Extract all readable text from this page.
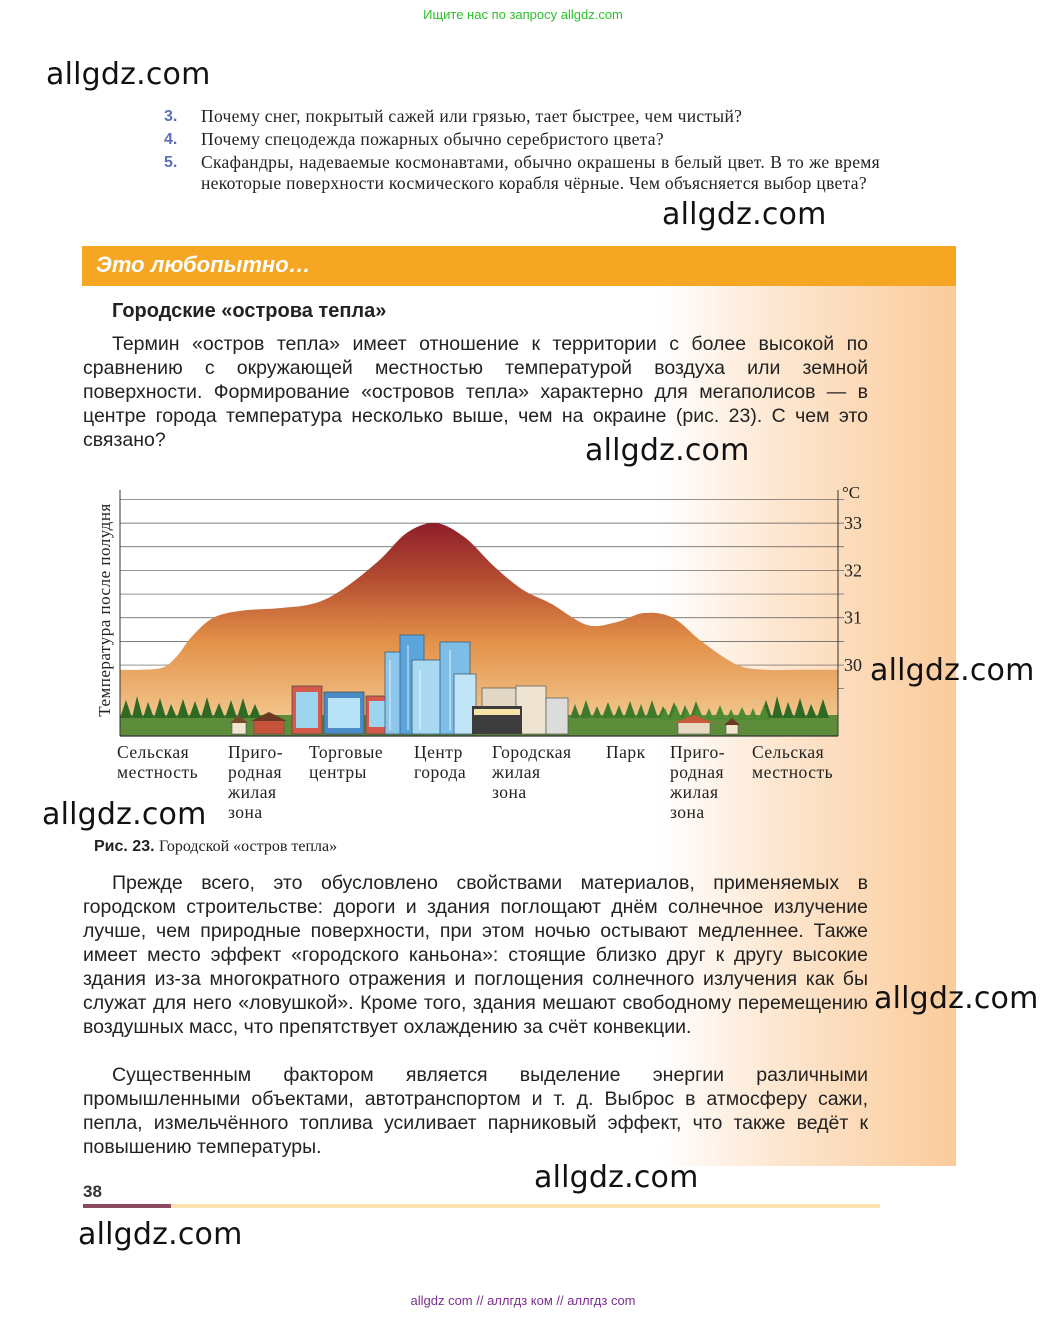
Ищите нас по запросу allgdz.com
allgdz.com
3.	Почему снег, покрытый сажей или грязью, тает быстрее, чем чистый?
4.	Почему спецодежда пожарных обычно серебристого цвета?
5.	Скафандры, надеваемые космонавтами, обычно окрашены в белый цвет. В то же время некоторые поверхности космического корабля чёрные. Чем объясняется выбор цвета?
allgdz.com
Это любопытно…
Городские «острова тепла»
Термин «остров тепла» имеет отношение к территории с более высокой по сравнению с окружающей местностью температурой воздуха или земной поверхности. Формирование «островов тепла» характерно для мегаполисов — в центре города температура несколько выше, чем на окраине (рис. 23). С чем это связано?	allgdz.com
30
31
32
33
°C
Температура после полудня
Сельская
местность
Приго-
родная
жилая
зона
Торговые
центры
Центр
города
Городская
жилая
зона
Парк Приго-
родная
жилая
зона
Сельская
местность
allgdz.com
allgdz.com
Рис. 23. Городской «остров тепла»
Прежде всего, это обусловлено свойствами материалов, применяемых в городском строительстве: дороги и здания поглощают днём солнечное излучение лучше, чем природные поверхности, при этом ночью остывают медленнее. Также имеет место эффект «городского каньона»: стоящие близко друг к другу высокие здания из-за многократного отражения и поглощения солнечного излучения как бы служат для него «ловушкой». Кроме того, здания мешают свободному перемещению воздушных масс, что препятствует охлаждению за счёт конвекции.
Существенным фактором является выделение энергии различными промышленными объектами, автотранспортом и т. д. Выброс в атмосферу сажи, пепла, измельчённого топлива усиливает парниковый эффект, что также ведёт к повышению температуры.
allgdz.com
allgdz.com
38
allgdz.com
allgdz com // аллгдз ком // аллгдз com
